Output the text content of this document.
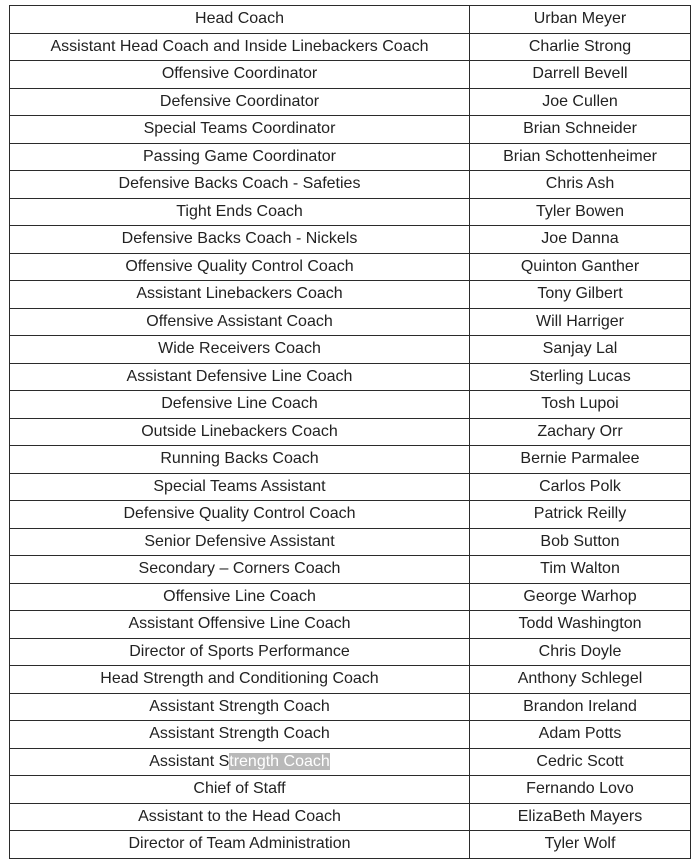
Head Coach	Urban Meyer
Assistant Head Coach and Inside Linebackers Coach	Charlie Strong
Offensive Coordinator	Darrell Bevell
Defensive Coordinator	Joe Cullen
Special Teams Coordinator	Brian Schneider
Passing Game Coordinator	Brian Schottenheimer
Defensive Backs Coach - Safeties	Chris Ash
Tight Ends Coach	Tyler Bowen
Defensive Backs Coach - Nickels	Joe Danna
Offensive Quality Control Coach	Quinton Ganther
Assistant Linebackers Coach	Tony Gilbert
Offensive Assistant Coach	Will Harriger
Wide Receivers Coach	Sanjay Lal
Assistant Defensive Line Coach	Sterling Lucas
Defensive Line Coach	Tosh Lupoi
Outside Linebackers Coach	Zachary Orr
Running Backs Coach	Bernie Parmalee
Special Teams Assistant	Carlos Polk
Defensive Quality Control Coach	Patrick Reilly
Senior Defensive Assistant	Bob Sutton
Secondary – Corners Coach	Tim Walton
Offensive Line Coach	George Warhop
Assistant Offensive Line Coach	Todd Washington
Director of Sports Performance	Chris Doyle
Head Strength and Conditioning Coach	Anthony Schlegel
Assistant Strength Coach	Brandon Ireland
Assistant Strength Coach	Adam Potts
Assistant Strength Coach	Cedric Scott
Chief of Staff	Fernando Lovo
Assistant to the Head Coach	ElizaBeth Mayers
Director of Team Administration	Tyler Wolf
